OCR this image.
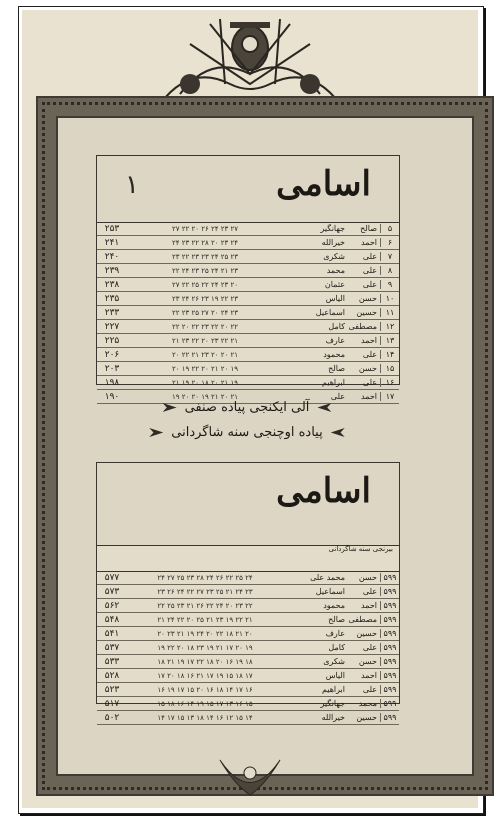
اسامی
۱
۲۵۳	۲۷ ۲۲ ۲۰ ۲۶ ۲۴ ۲۳ ۲۷	جهانگیر	صالح	۵
۲۴۱	۲۴ ۲۳ ۲۲ ۲۸ ۲۰ ۲۳ ۲۴	خیرالله	احمد	۶
۲۴۰	۲۳ ۲۲ ۲۳ ۲۳ ۲۴ ۲۵ ۲۳	شکری	علی	۷
۲۳۹	۲۲ ۲۴ ۲۳ ۲۵ ۲۴ ۲۱ ۲۳	محمد	علی	۸
۲۳۸	۲۷ ۲۲ ۲۵ ۲۲ ۲۴ ۲۳ ۲۰	عثمان	علی	۹
۲۳۵	۲۳ ۲۴ ۲۶ ۲۳ ۱۹ ۲۲ ۲۳	الیاس	حسن	۱۰
۲۳۳	۲۲ ۲۳ ۲۵ ۲۷ ۲۰ ۲۴ ۲۳	اسماعیل	حسین	۱۱
۲۲۷	۲۲ ۲۰ ۲۲ ۲۳ ۲۲ ۲۰ ۲۲	کامل مصطفی	۱۲
۲۲۵	۲۱ ۲۳ ۲۲ ۲۰ ۲۳ ۲۲ ۲۱	عارف	احمد	۱۳
۲۰۶	۲۰ ۲۲ ۲۱ ۲۳ ۲۰ ۲۰ ۲۱	محمود	علی	۱۴
۲۰۳	۲۰ ۱۹ ۲۲ ۲۰ ۲۱ ۲۰ ۱۹	صالح	حسن	۱۵
۱۹۸	۲۱ ۱۹ ۲۰ ۱۸ ۲۰ ۲۱ ۱۹	ابراهیم	علی	۱۶
۱۹۰	۱۹ ۲۰ ۲۰ ۱۹ ۲۱ ۲۰ ۲۱	علی	احمد	۱۷
آلی ایکنجی پیاده صنفی
پیاده اوچنجی سنه شاگردانی
اسامی
بیرنجی سنه شاگردانی
۵۷۷	۲۴ ۲۷ ۲۵ ۲۳ ۲۸ ۲۴ ۲۶ ۲۲ ۲۵ ۲۴	محمد علی	حسن ۵۹۹
۵۷۳	۲۳ ۲۶ ۲۴ ۲۲ ۲۷ ۲۳ ۲۵ ۲۱ ۲۴ ۲۳	اسماعیل	علی ۵۹۹
۵۶۲	۲۲ ۲۵ ۲۳ ۲۱ ۲۶ ۲۲ ۲۴ ۲۰ ۲۳ ۲۲	محمود	احمد ۵۹۹
۵۴۸	۲۱ ۲۴ ۲۲ ۲۰ ۲۵ ۲۱ ۲۳ ۱۹ ۲۲ ۲۱	صالح مصطفی ۵۹۹
۵۴۱	۲۰ ۲۳ ۲۱ ۱۹ ۲۴ ۲۰ ۲۲ ۱۸ ۲۱ ۲۰	عارف	حسین ۵۹۹
۵۳۷	۱۹ ۲۲ ۲۰ ۱۸ ۲۳ ۱۹ ۲۱ ۱۷ ۲۰ ۱۹	کامل	علی ۵۹۹
۵۳۳	۱۸ ۲۱ ۱۹ ۱۷ ۲۲ ۱۸ ۲۰ ۱۶ ۱۹ ۱۸	شکری	حسن ۵۹۹
۵۲۸	۱۷ ۲۰ ۱۸ ۱۶ ۲۱ ۱۷ ۱۹ ۱۵ ۱۸ ۱۷	الیاس	احمد ۵۹۹
۵۲۳	۱۶ ۱۹ ۱۷ ۱۵ ۲۰ ۱۶ ۱۸ ۱۴ ۱۷ ۱۶	ابراهیم	علی ۵۹۹
۵۱۷	۱۵ ۱۸ ۱۶ ۱۴ ۱۹ ۱۵ ۱۷ ۱۳ ۱۶ ۱۵	جهانگیر	محمد ۵۹۹
۵۰۲	۱۴ ۱۷ ۱۵ ۱۳ ۱۸ ۱۴ ۱۶ ۱۲ ۱۵ ۱۴	خیرالله	حسین ۵۹۹
